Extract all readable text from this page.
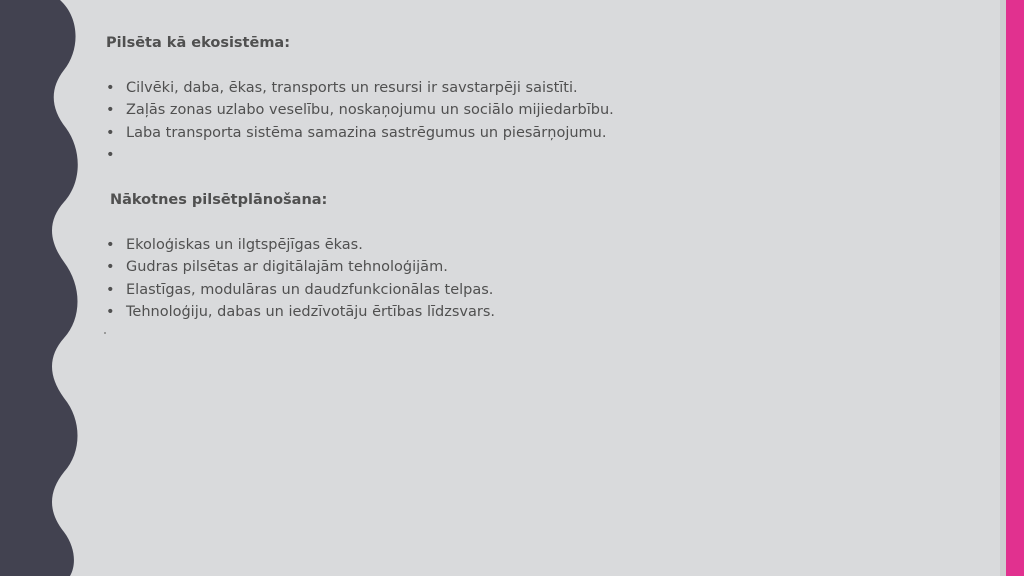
Pilsēta kā ekosistēma:

• Cilvēki, daba, ēkas, transports un resursi ir savstarpēji saistīti.
• Zaļās zonas uzlabo veselību, noskaņojumu un sociālo mijiedarbību.
• Laba transporta sistēma samazina sastrēgumus un piesārņojumu.
•

Nākotnes pilsētplānošana:

• Ekoloģiskas un ilgtspējīgas ēkas.
• Gudras pilsētas ar digitālajām tehnoloģijām.
• Elastīgas, modulāras un daudzfunkcionālas telpas.
• Tehnoloģiju, dabas un iedzīvotāju ērtības līdzsvars.
